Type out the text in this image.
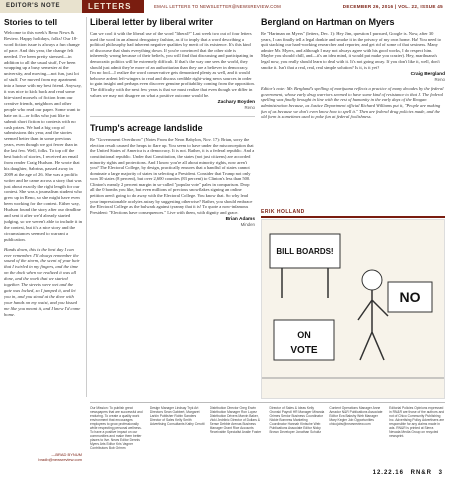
EDITOR'S NOTE	LETTERS	EMAIL LETTERS TO NEWSLETTER@NEWSREVIEW.COM	DECEMBER 26, 2016 | VOL. 22, ISSUE 45
Stories to tell

Welcome to this week's Reno News & Review. Happy holidays, folks! Our 18-word fiction issue is always a fun change of pace. And this year, the change felt needed. I've been pretty stressed—in addition to all the usual stuff, I've been wrapping up a busy semester at the university, and moving—not fun, just lot of stuff. I've moved from my apartment into a house with my best friend. Anyway, it was nice to kick back and read some bite-sized morsels of fiction from our creative friends, neighbors and other people who read our paper. Some want to hate on it—or folks who just like to submit short fiction to contests with no cash prizes. We had a big crop of submissions this year, and the stories seemed better than in some previous years, even though we got fewer than in the last few. Well, folks. To top off the best batch of stories, I received an email from reader Craig Hudson. He wrote that his daughter, Sabrina, passed away in 2009 at the age of 26. She was a prolific writer and he came across a story that was just about exactly the right length for our contest. She was a journalism student who grew up in Reno, so she might have even been working for the contest. Either way, Hudson found the story after our deadline and sent it after we'd already started judging, so we weren't able to include it in the contest, but it's a nice story and the circumstances seemed to warrant a publication.

Hands down, this is the best day I can ever remember. I'll always remember the sound of the storm, the scent of your hair that I twirled in my fingers, and the time on the dock when we realized it was all done, and the work that we started together. The streets were wet and the gate was locked, so I jumped it, and let you in, and you stood at the door with your hands on my waist, and you kissed me like you meant it, and I knew I'd come home.

—BRAD BYNUM
bradb@newsreview.com
Liberal letter by liberal writer

Can we cool it with the liberal use of the word "liberal?" Last week two out of four letters used the word in an almost derogatory fashion, as if to imply that a word describing a political philosophy had inherent negative qualities by merit of its existence. It's this kind of discourse that shuts everything down. If you're convinced that the other side is inherently wrong because of their beliefs, you will find that discussing and participating in democratic politics will be extremely difficult. If that's the way one sees the world, they should just admit they're more of an authoritarian than they are a believer in democracy. I'm no fool—I realize the word conservative gets demonized plenty as well, and it would behoove ardent left-wingers to read and discuss credible right-wing news sources in order to gain insight and perhaps even discover genuine profitability coming from the opposition. The difficulty with the next few years is that we must realize that even though we differ in values we may not disagree on what a positive outcome would be.

Zachary Boyden
Reno
Trump's acreage landslide

Re "Government Overthrow" (Notes From the Neon Babylon, Nov. 17): Brian, sorry the election result caused the heaps to flare up. You seem to have under the misconception that the United States of America is a democracy. It is not. Rather, it is a federal republic. And a constitutional republic. Under that Constitution, the states (not just citizens) are accorded minority rights and protections. And I know you're all about minority rights, now aren't you? The Electoral College, by design, practically ensures that a handful of states cannot dominate a large majority of states in selecting a President. Consider that Trump not only won 30 states (8 percent), but over 2,600 counties (83 percent) to Clinton's less than 500. Clinton's measly 2 percent margin in so-called "popular vote" pales in comparison. Drop all the 0 bombs you like, but even millions of precious snowflakes signing an online petition aren't going to do away with the Electoral College. You know that. So why lead your impressionable acolytes astray by suggesting otherwise? Rather, you should embrace the Electoral College as the bulwark against tyranny that it is! To quote a now-infamous President: "Elections have consequences." Live with them, with dignity and grace.

Brian Adams
Minden
Bergland on Hartman on Myers

Re "Hartman on Myers" (letters, Dec. 1): Hey Jim, question I pursued, Google is. Now, after 30 years, I can finally tell a legal donkie and smoke it in the privacy of my own home. Ha! You need to quit stacking our hard-working researcher and reporter, and get rid of some of that sexiness. Many admire Mr. Myers, and although I may not always agree with his good works, I do respect him. Maybe you should chill, and—it's an idea mind, it would put make you crazier). Hey, marihuana's legal now, you really should learn to deal with it. It's not going away. If you don't like it, well, don't smoke it. Isn't that a real, real, real simple solution? Is it, is it yet?

Craig Bergland
Reno

Editor's note: Mr. Bergland's spelling of marijuana reflects a practice of many decades by the federal government, whose early drug warriors seemed to have some kind of resistance to that J. The federal spelling was finally brought in line with the rest of humanity in the early days of the Reagan administration because, as Justice Department official Richard Williams put it, "People are making fun of us because we don't even know how to spell it." Then are federal drug policies made, and the old form is sometimes used to poke fun at federal foolishness.

ERIK HOLLAND
BILL BOARDS!
NO
ON
VOTE
Our Mission: To publish great newspapers that are successful and enduring. To create a quality work environment that encourages employees to grow professionally while respecting personal wellness. To have a positive impact on our communities and make them better places to live. News Editor Dennis Myers Arts Editor Kris Vagner Contributors Bob Grimm
Design Manager Lindsay Tryk Art Directors Sean Gabbert, Margaret Larkin Publisher Robin Sanders Director of Sales Kelly Smith Advertising Consultants Kathy Cerutti
Distribution Director Greg Erwin Distribution Manager Ron Lopez Distribution Drivers Marvin Baker, Vicki Jedrlinic Director of Dollars & Sense Debbie Arenas Business Manager Grant Rice Accounts Receivable Specialist Analie Foster
Director of Sales & Ideas Kelly Gronski Payroll HR Manager Miranda Grimes Senior Business Coordinator Nickie Bonness Marketing Coordinator Hannah Kintsche Web Publications Associate Editor Nicky Brown Developer Jonathan Schultz
Content Operations Manager Anne Amador N&R Publications Associate Editor Eva Bakshy Web Manager Mary Kegler Job Opportunities chicojobs@newsreview.com
Editorial Policies Opinions expressed in RN&R are those of the authors and not of Chico Community Publishing Inc. Advertising Policy Advertisers are responsible for any claims made in ads. RN&R is printed at Sierra Nevada Media Group on recycled newsprint.
12.22.16 RN&R 3
